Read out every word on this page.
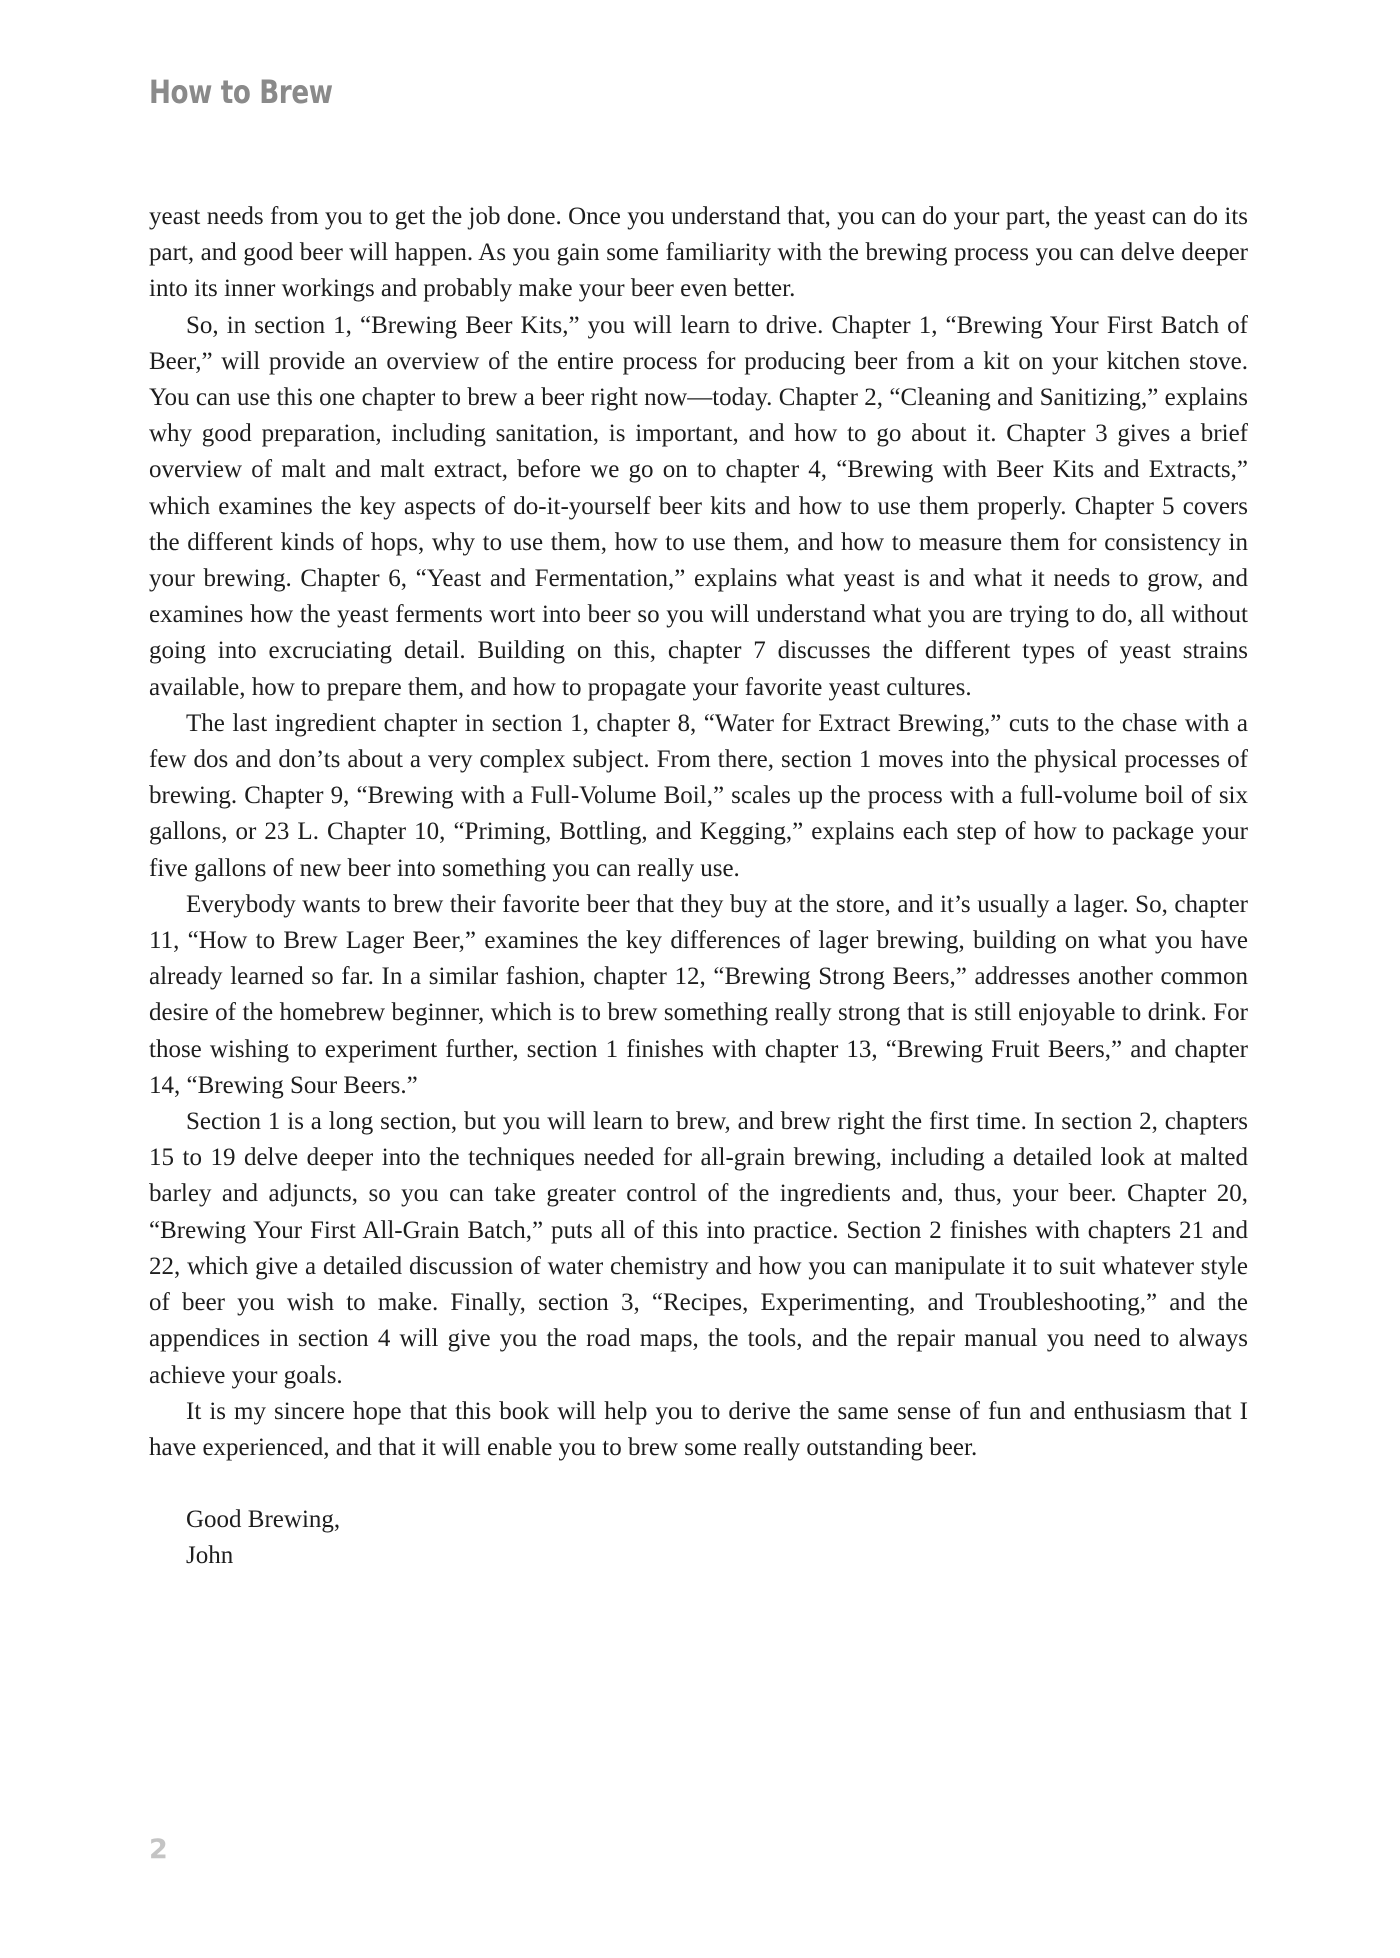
How to Brew

yeast needs from you to get the job done. Once you understand that, you can do your part, the yeast can do its part, and good beer will happen. As you gain some familiarity with the brewing process you can delve deeper into its inner workings and probably make your beer even better.

So, in section 1, “Brewing Beer Kits,” you will learn to drive. Chapter 1, “Brewing Your First Batch of Beer,” will provide an overview of the entire process for producing beer from a kit on your kitchen stove. You can use this one chapter to brew a beer right now—today. Chapter 2, “Cleaning and Sanitizing,” explains why good preparation, including sanitation, is important, and how to go about it. Chapter 3 gives a brief overview of malt and malt extract, before we go on to chapter 4, “Brewing with Beer Kits and Extracts,” which examines the key aspects of do-it-yourself beer kits and how to use them properly. Chapter 5 covers the different kinds of hops, why to use them, how to use them, and how to measure them for consistency in your brewing. Chapter 6, “Yeast and Fermentation,” explains what yeast is and what it needs to grow, and examines how the yeast ferments wort into beer so you will understand what you are trying to do, all without going into excruciating detail. Building on this, chapter 7 discusses the different types of yeast strains available, how to prepare them, and how to propagate your favorite yeast cultures.

The last ingredient chapter in section 1, chapter 8, “Water for Extract Brewing,” cuts to the chase with a few dos and don’ts about a very complex subject. From there, section 1 moves into the physical processes of brewing. Chapter 9, “Brewing with a Full-Volume Boil,” scales up the process with a full-volume boil of six gallons, or 23 L. Chapter 10, “Priming, Bottling, and Kegging,” explains each step of how to package your five gallons of new beer into something you can really use.

Everybody wants to brew their favorite beer that they buy at the store, and it’s usually a lager. So, chapter 11, “How to Brew Lager Beer,” examines the key differences of lager brewing, building on what you have already learned so far. In a similar fashion, chapter 12, “Brewing Strong Beers,” addresses another common desire of the homebrew beginner, which is to brew something really strong that is still enjoyable to drink. For those wishing to experiment further, section 1 finishes with chapter 13, “Brewing Fruit Beers,” and chapter 14, “Brewing Sour Beers.”

Section 1 is a long section, but you will learn to brew, and brew right the first time. In section 2, chapters 15 to 19 delve deeper into the techniques needed for all-grain brewing, including a detailed look at malted barley and adjuncts, so you can take greater control of the ingredients and, thus, your beer. Chapter 20, “Brewing Your First All-Grain Batch,” puts all of this into practice. Section 2 finishes with chapters 21 and 22, which give a detailed discussion of water chemistry and how you can manipulate it to suit whatever style of beer you wish to make. Finally, section 3, “Recipes, Experimenting, and Troubleshooting,” and the appendices in section 4 will give you the road maps, the tools, and the repair manual you need to always achieve your goals.

It is my sincere hope that this book will help you to derive the same sense of fun and enthusiasm that I have experienced, and that it will enable you to brew some really outstanding beer.

Good Brewing,
John
2
